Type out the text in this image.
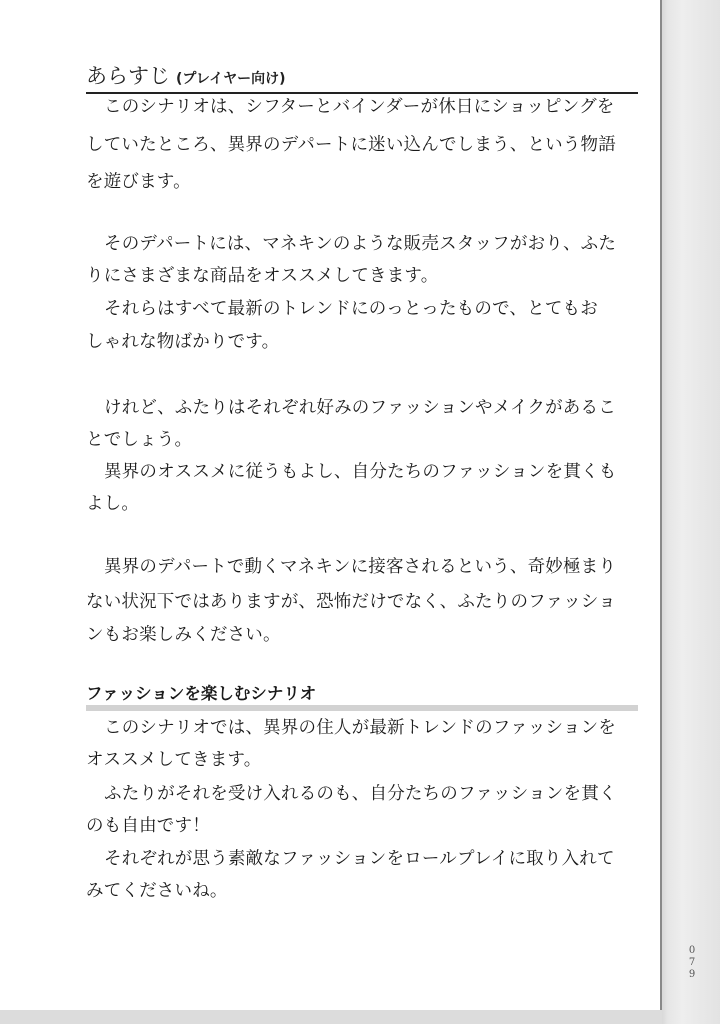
あらすじ (プレイヤー向け)
このシナリオは、シフターとバインダーが休日にショッピングを
していたところ、異界のデパートに迷い込んでしまう、という物語
を遊びます。
そのデパートには、マネキンのような販売スタッフがおり、ふた
りにさまざまな商品をオススメしてきます。
それらはすべて最新のトレンドにのっとったもので、とてもお
しゃれな物ばかりです。
けれど、ふたりはそれぞれ好みのファッションやメイクがあるこ
とでしょう。
異界のオススメに従うもよし、自分たちのファッションを貫くも
よし。
異界のデパートで動くマネキンに接客されるという、奇妙極まり
ない状況下ではありますが、恐怖だけでなく、ふたりのファッショ
ンもお楽しみください。
ファッションを楽しむシナリオ
このシナリオでは、異界の住人が最新トレンドのファッションを
オススメしてきます。
ふたりがそれを受け入れるのも、自分たちのファッションを貫く
のも自由です！
それぞれが思う素敵なファッションをロールプレイに取り入れて
みてくださいね。
0
7
9
